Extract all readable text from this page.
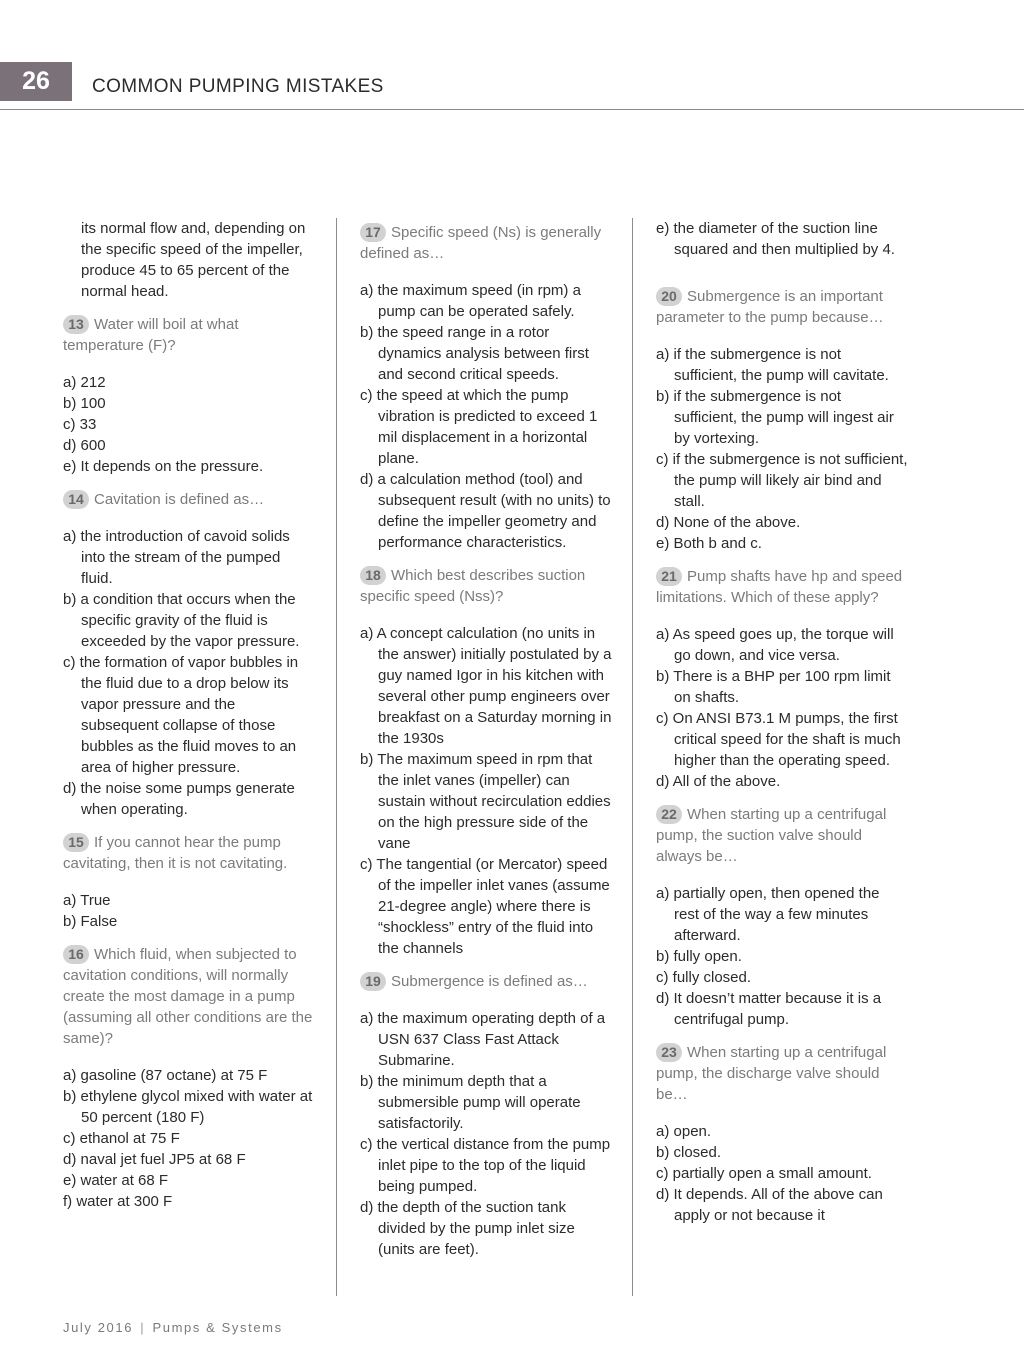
26	COMMON PUMPING MISTAKES

its normal flow and, depending on the specific speed of the impeller, produce 45 to 65 percent of the normal head.

13 Water will boil at what temperature (F)?
a) 212
b) 100
c) 33
d) 600
e) It depends on the pressure.
14 Cavitation is defined as…
a) the introduction of cavoid solids into the stream of the pumped fluid.
b) a condition that occurs when the specific gravity of the fluid is exceeded by the vapor pressure.
c) the formation of vapor bubbles in the fluid due to a drop below its vapor pressure and the subsequent collapse of those bubbles as the fluid moves to an area of higher pressure.
d) the noise some pumps generate when operating.
15 If you cannot hear the pump cavitating, then it is not cavitating.
a) True
b) False
16 Which fluid, when subjected to cavitation conditions, will normally create the most damage in a pump (assuming all other conditions are the same)?
a) gasoline (87 octane) at 75 F
b) ethylene glycol mixed with water at 50 percent (180 F)
c) ethanol at 75 F
d) naval jet fuel JP5 at 68 F
e) water at 68 F
f) water at 300 F
17 Specific speed (Ns) is generally defined as…
a) the maximum speed (in rpm) a pump can be operated safely.
b) the speed range in a rotor dynamics analysis between first and second critical speeds.
c) the speed at which the pump vibration is predicted to exceed 1 mil displacement in a horizontal plane.
d) a calculation method (tool) and subsequent result (with no units) to define the impeller geometry and performance characteristics.
18 Which best describes suction specific speed (Nss)?
a) A concept calculation (no units in the answer) initially postulated by a guy named Igor in his kitchen with several other pump engineers over breakfast on a Saturday morning in the 1930s
b) The maximum speed in rpm that the inlet vanes (impeller) can sustain without recirculation eddies on the high pressure side of the vane
c) The tangential (or Mercator) speed of the impeller inlet vanes (assume 21-degree angle) where there is “shockless” entry of the fluid into the channels
19 Submergence is defined as…
a) the maximum operating depth of a USN 637 Class Fast Attack Submarine.
b) the minimum depth that a submersible pump will operate satisfactorily.
c) the vertical distance from the pump inlet pipe to the top of the liquid being pumped.
d) the depth of the suction tank divided by the pump inlet size (units are feet).
e) the diameter of the suction line squared and then multiplied by 4.
20 Submergence is an important parameter to the pump because…
a) if the submergence is not sufficient, the pump will cavitate.
b) if the submergence is not sufficient, the pump will ingest air by vortexing.
c) if the submergence is not sufficient, the pump will likely air bind and stall.
d) None of the above.
e) Both b and c.
21 Pump shafts have hp and speed limitations. Which of these apply?
a) As speed goes up, the torque will go down, and vice versa.
b) There is a BHP per 100 rpm limit on shafts.
c) On ANSI B73.1 M pumps, the first critical speed for the shaft is much higher than the operating speed.
d) All of the above.
22 When starting up a centrifugal pump, the suction valve should always be…
a) partially open, then opened the rest of the way a few minutes afterward.
b) fully open.
c) fully closed.
d) It doesn’t matter because it is a centrifugal pump.
23 When starting up a centrifugal pump, the discharge valve should be…
a) open.
b) closed.
c) partially open a small amount.
d) It depends. All of the above can apply or not because it
July 2016 | Pumps & Systems
